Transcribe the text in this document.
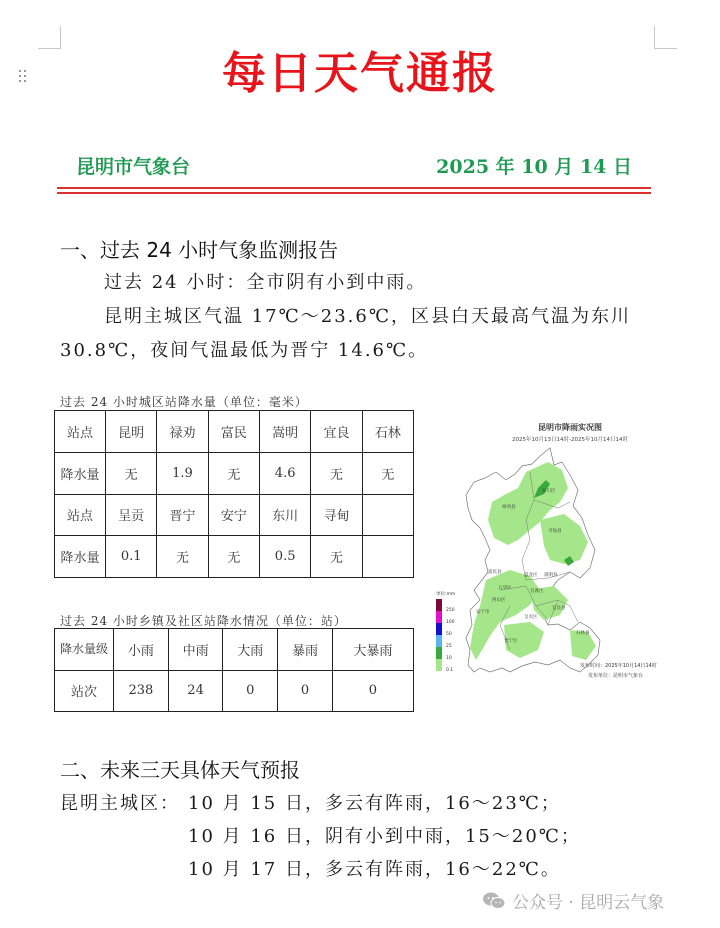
每日天气通报
昆明市气象台	2025 年 10 月 14 日
一、过去 24 小时气象监测报告
过去 24 小时：全市阴有小到中雨。
昆明主城区气温 17℃～23.6℃，区县白天最高气温为东川
30.8℃，夜间气温最低为晋宁 14.6℃。
过去 24 小时城区站降水量（单位：毫米）
站点	昆明	禄劝	富民	嵩明	宜良	石林
降水量	无	1.9	无	4.6	无	无
站点	呈贡	晋宁	安宁	东川	寻甸	
降水量	0.1	无	无	0.5	无	
过去 24 小时乡镇及社区站降水情况（单位：站）
降水量级	小雨	中雨	大雨	暴雨	大暴雨
站次	238	24	0	0	0
昆明市降雨实况图
2025年10月13日14时-2025年10月14日14时
东川区
禄劝县
寻甸县
富民县
盘龙区 嵩明县
五华区
西山区
官渡区
呈贡区
宜良县
安宁市
晋宁区
石林县
单位:mm
250
100
50
25
10
0.1
发布时间：2025年10月14日14时
发布单位：昆明市气象台
二、未来三天具体天气预报
昆明主城区： 10 月 15 日，多云有阵雨，16～23℃；
10 月 16 日，阴有小到中雨，15～20℃；
10 月 17 日，多云有阵雨，16～22℃。
公众号 · 昆明云气象
